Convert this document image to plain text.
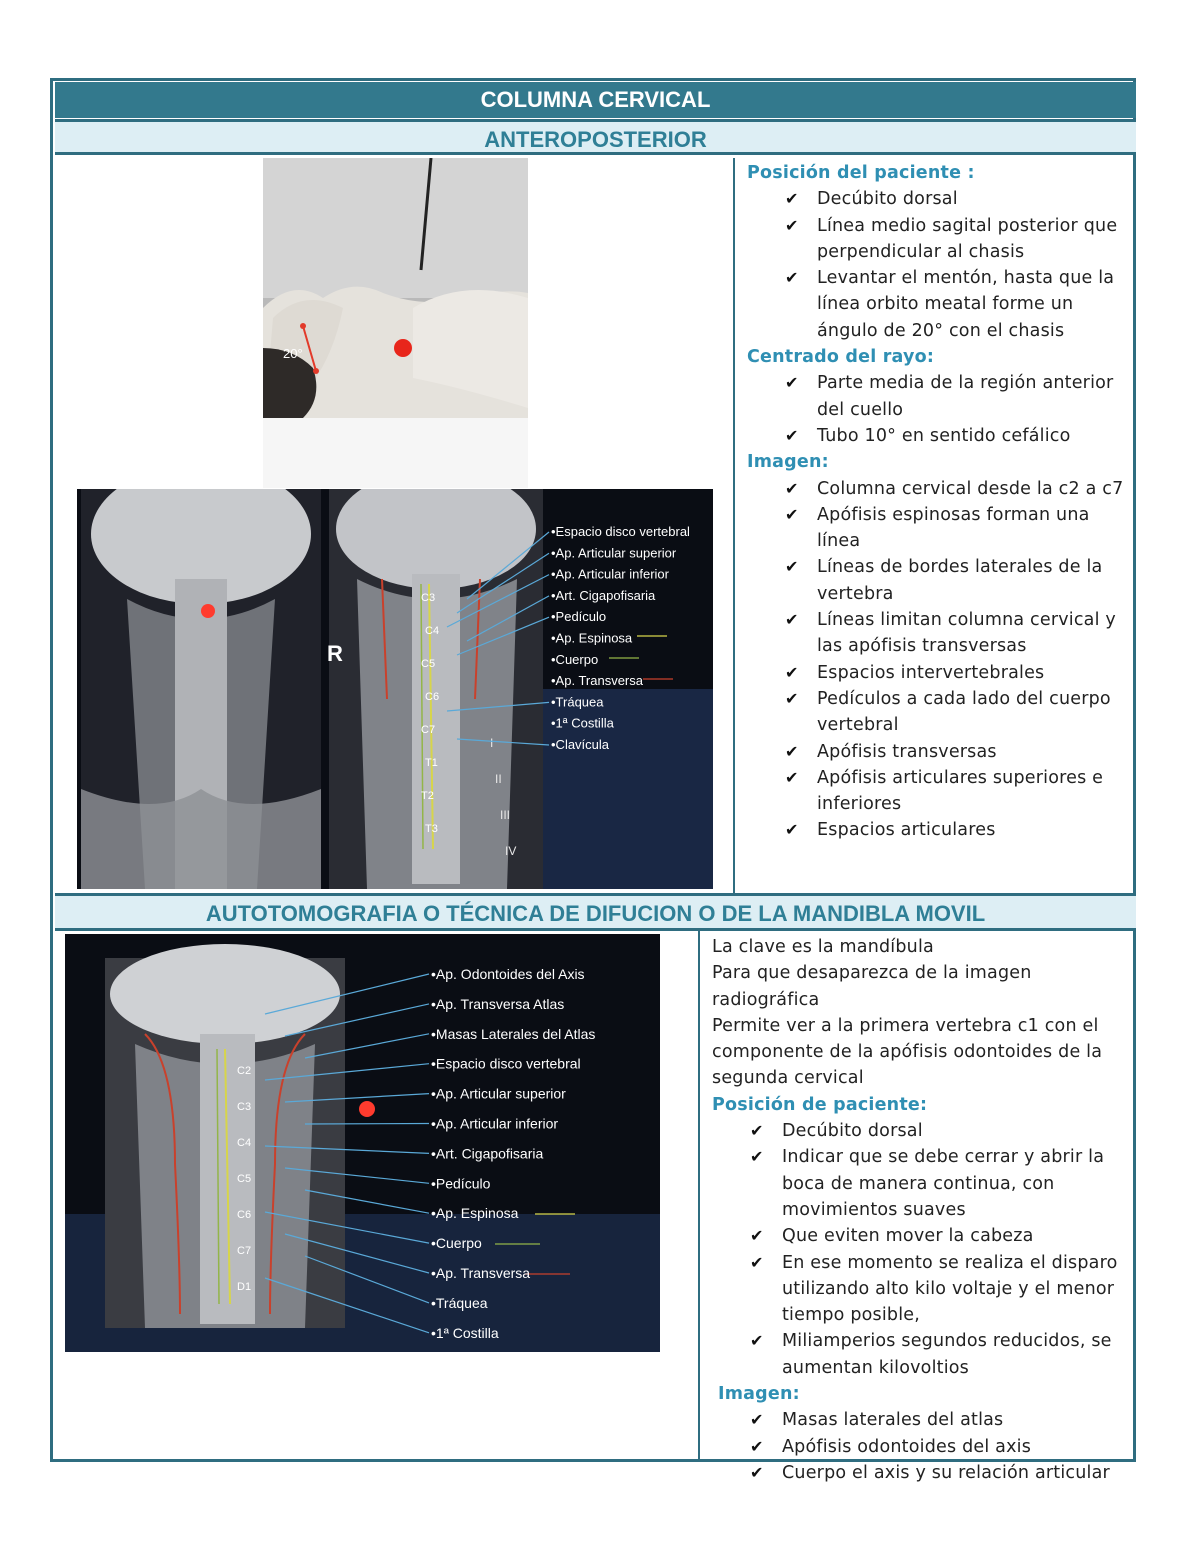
COLUMNA CERVICAL
ANTEROPOSTERIOR
AUTOTOMOGRAFIA O TÉCNICA DE DIFUCION O DE LA MANDIBLA MOVIL
20°
R
C3
C4
C5
C6
C7
T1
T2
T3
I
II
III
IV
•Espacio disco vertebral
•Ap. Articular superior
•Ap. Articular inferior
•Art. Cigapofisaria
•Pedículo
•Ap. Espinosa
•Cuerpo
•Ap. Transversa
•Tráquea
•1ª Costilla
•Clavícula
Posición del paciente :
✔ Decúbito dorsal
✔ Línea medio sagital posterior que perpendicular al chasis
✔ Levantar el mentón, hasta que la línea orbito meatal forme un ángulo de 20° con el chasis
Centrado del rayo:
✔ Parte media de la región anterior del cuello
✔ Tubo 10° en sentido cefálico
Imagen:
✔ Columna cervical desde la c2 a c7
✔ Apófisis espinosas forman una línea
✔ Líneas de bordes laterales de la vertebra
✔ Líneas limitan columna cervical y las apófisis transversas
✔ Espacios intervertebrales
✔ Pedículos a cada lado del cuerpo vertebral
✔ Apófisis transversas
✔ Apófisis articulares superiores e inferiores
✔ Espacios articulares
C2
C3
C4
C5
C6
C7
D1
•Ap. Odontoides del Axis
•Ap. Transversa Atlas
•Masas Laterales del Atlas
•Espacio disco vertebral
•Ap. Articular superior
•Ap. Articular inferior
•Art. Cigapofisaria
•Pedículo
•Ap. Espinosa
•Cuerpo
•Ap. Transversa
•Tráquea
•1ª Costilla

La clave es la mandíbula

Para que desaparezca de la imagen radiográfica

Permite ver a la primera vertebra c1 con el componente de la apófisis odontoides de la segunda cervical

Posición de paciente:
✔ Decúbito dorsal
✔ Indicar que se debe cerrar y abrir la boca de manera continua, con movimientos suaves
✔ Que eviten mover la cabeza
✔ En ese momento se realiza el disparo utilizando alto kilo voltaje y el menor tiempo posible,
✔ Miliamperios segundos reducidos, se aumentan kilovoltios
Imagen:
✔ Masas laterales del atlas
✔ Apófisis odontoides del axis
✔ Cuerpo el axis y su relación articular
